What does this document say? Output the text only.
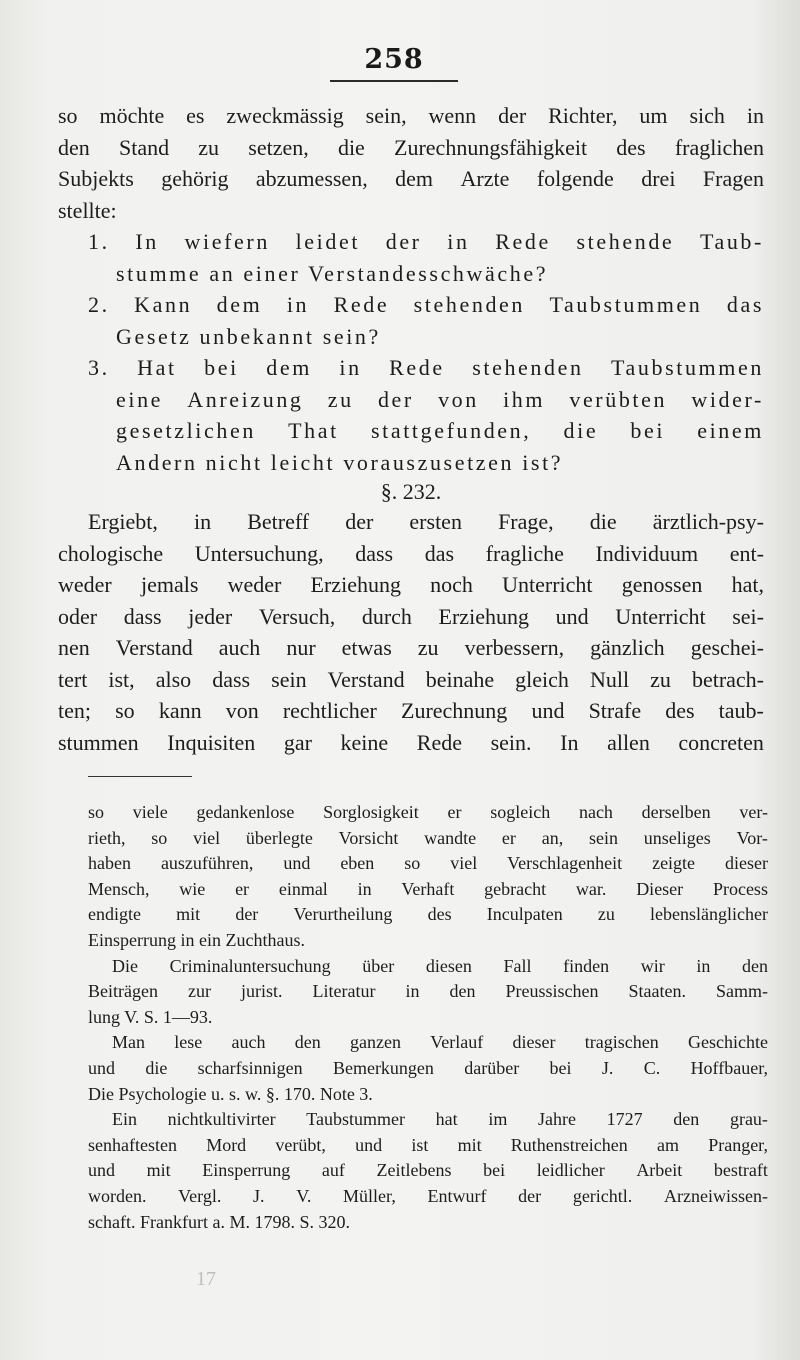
258
so möchte es zweckmässig sein, wenn der Richter, um sich in
den Stand zu setzen, die Zurechnungsfähigkeit des fraglichen
Subjekts gehörig abzumessen, dem Arzte folgende drei Fragen
stellte:
1. In wiefern leidet der in Rede stehende Taub-
stumme an einer Verstandesschwäche?
2. Kann dem in Rede stehenden Taubstummen das
Gesetz unbekannt sein?
3. Hat bei dem in Rede stehenden Taubstummen
eine Anreizung zu der von ihm verübten wider-
gesetzlichen That stattgefunden, die bei einem
Andern nicht leicht vorauszusetzen ist?
§. 232.
Ergiebt, in Betreff der ersten Frage, die ärztlich-psy-
chologische Untersuchung, dass das fragliche Individuum ent-
weder jemals weder Erziehung noch Unterricht genossen hat,
oder dass jeder Versuch, durch Erziehung und Unterricht sei-
nen Verstand auch nur etwas zu verbessern, gänzlich geschei-
tert ist, also dass sein Verstand beinahe gleich Null zu betrach-
ten; so kann von rechtlicher Zurechnung und Strafe des taub-
stummen Inquisiten gar keine Rede sein. In allen concreten
so viele gedankenlose Sorglosigkeit er sogleich nach derselben ver-
rieth, so viel überlegte Vorsicht wandte er an, sein unseliges Vor-
haben auszuführen, und eben so viel Verschlagenheit zeigte dieser
Mensch, wie er einmal in Verhaft gebracht war. Dieser Process
endigte mit der Verurtheilung des Inculpaten zu lebenslänglicher
Einsperrung in ein Zuchthaus.
Die Criminaluntersuchung über diesen Fall finden wir in den
Beiträgen zur jurist. Literatur in den Preussischen Staaten. Samm-
lung V. S. 1—93.
Man lese auch den ganzen Verlauf dieser tragischen Geschichte
und die scharfsinnigen Bemerkungen darüber bei J. C. Hoffbauer,
Die Psychologie u. s. w. §. 170. Note 3.
Ein nichtkultivirter Taubstummer hat im Jahre 1727 den grau-
senhaftesten Mord verübt, und ist mit Ruthenstreichen am Pranger,
und mit Einsperrung auf Zeitlebens bei leidlicher Arbeit bestraft
worden. Vergl. J. V. Müller, Entwurf der gerichtl. Arzneiwissen-
schaft. Frankfurt a. M. 1798. S. 320.
17
